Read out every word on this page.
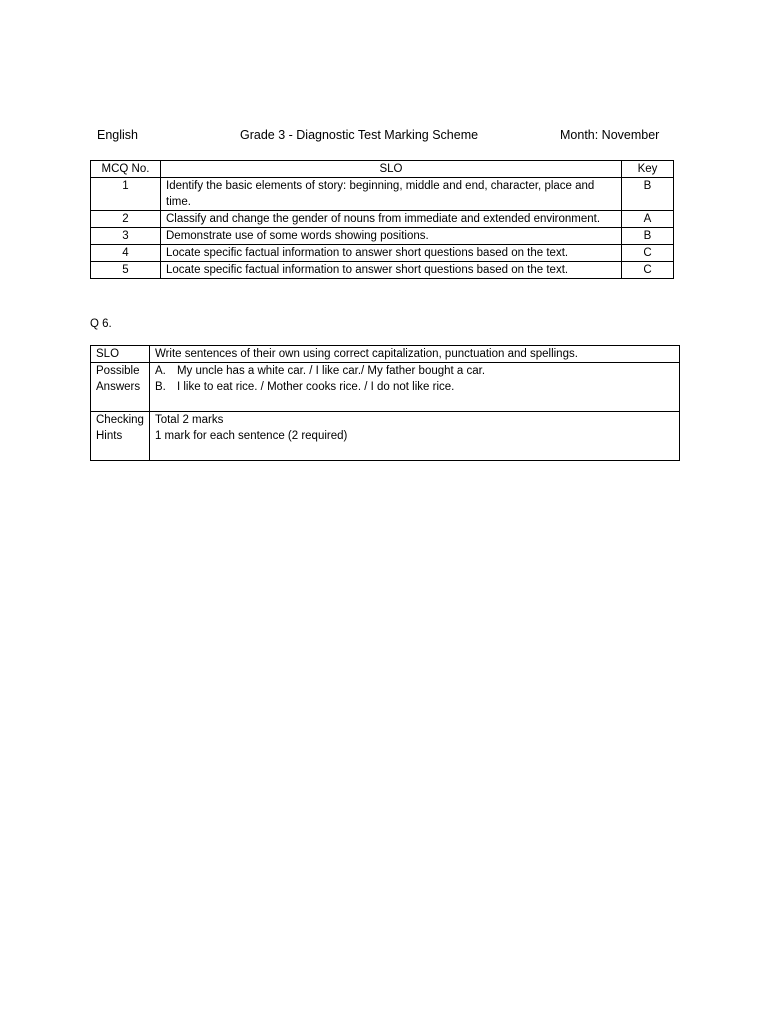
English	Grade 3 - Diagnostic Test Marking Scheme	Month: November
MCQ No.	SLO	Key
1	Identify the basic elements of story: beginning, middle and end, character, place and time.	B
2	Classify and change the gender of nouns from immediate and extended environment.	A
3	Demonstrate use of some words showing positions.	B
4	Locate specific factual information to answer short questions based on the text.	C
5	Locate specific factual information to answer short questions based on the text.	C
Q 6.
SLO	Write sentences of their own using correct capitalization, punctuation and spellings.
Possible Answers	A. My uncle has a white car. / I like car./ My father bought a car.
B. I like to eat rice. / Mother cooks rice. / I do not like rice.

Checking Hints	Total 2 marks
1 mark for each sentence (2 required)
